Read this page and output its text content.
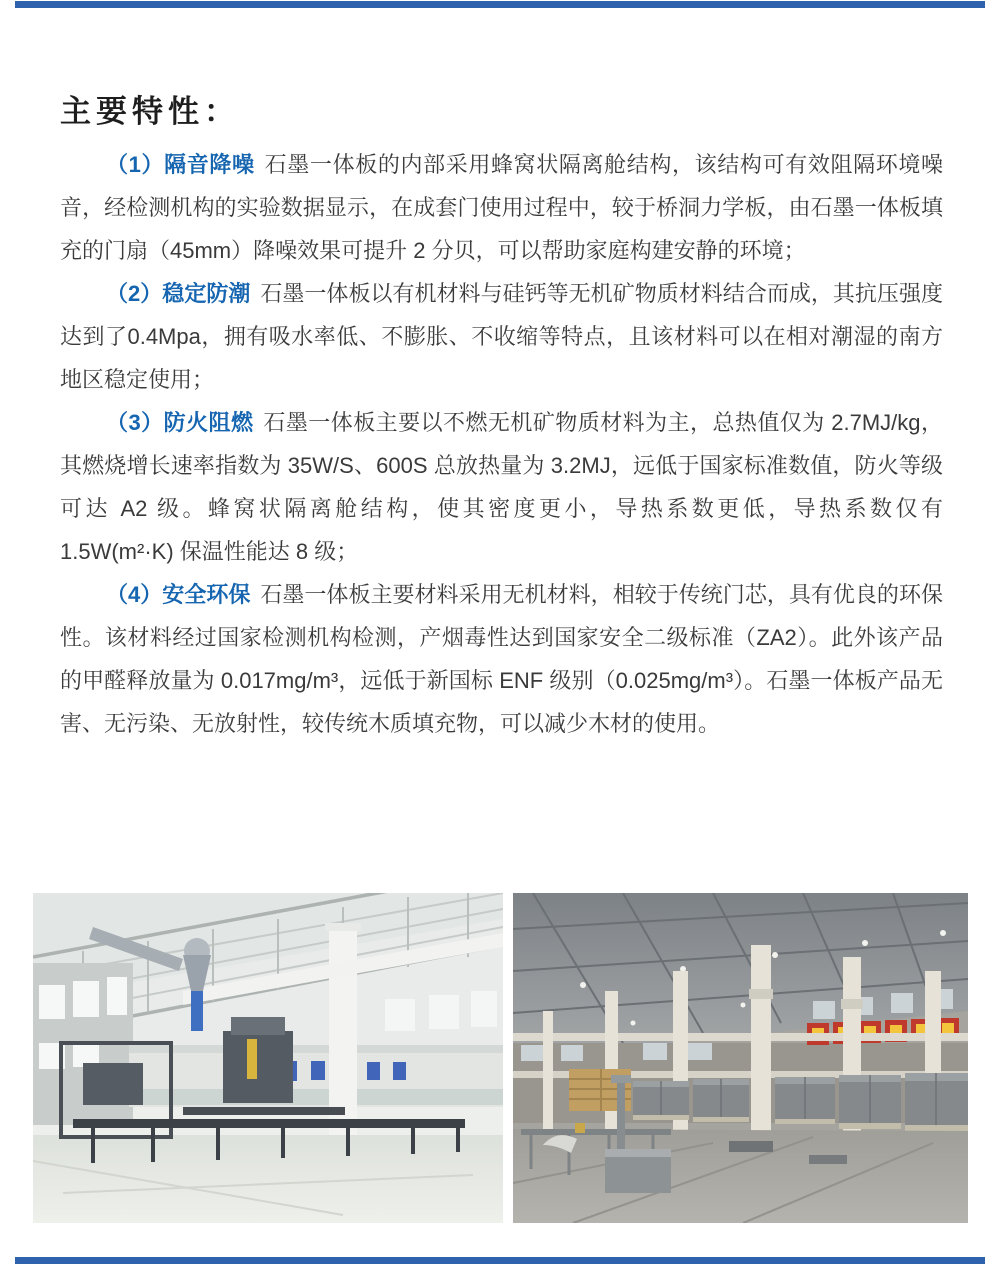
主要特性：

（1）隔音降噪 石墨一体板的内部采用蜂窝状隔离舱结构，该结构可有效阻隔环境噪音，经检测机构的实验数据显示，在成套门使用过程中，较于桥洞力学板，由石墨一体板填充的门扇（45mm）降噪效果可提升 2 分贝，可以帮助家庭构建安静的环境；

（2）稳定防潮 石墨一体板以有机材料与硅钙等无机矿物质材料结合而成，其抗压强度达到了0.4Mpa，拥有吸水率低、不膨胀、不收缩等特点，且该材料可以在相对潮湿的南方地区稳定使用；

（3）防火阻燃 石墨一体板主要以不燃无机矿物质材料为主，总热值仅为 2.7MJ/kg，其燃烧增长速率指数为 35W/S、600S 总放热量为 3.2MJ，远低于国家标准数值，防火等级可达 A2 级。蜂窝状隔离舱结构，使其密度更小，导热系数更低，导热系数仅有 1.5W(m²·K) 保温性能达 8 级；

（4）安全环保 石墨一体板主要材料采用无机材料，相较于传统门芯，具有优良的环保性。该材料经过国家检测机构检测，产烟毒性达到国家安全二级标准（ZA2）。此外该产品的甲醛释放量为 0.017mg/m³，远低于新国标 ENF 级别（0.025mg/m³）。石墨一体板产品无害、无污染、无放射性，较传统木质填充物，可以减少木材的使用。
